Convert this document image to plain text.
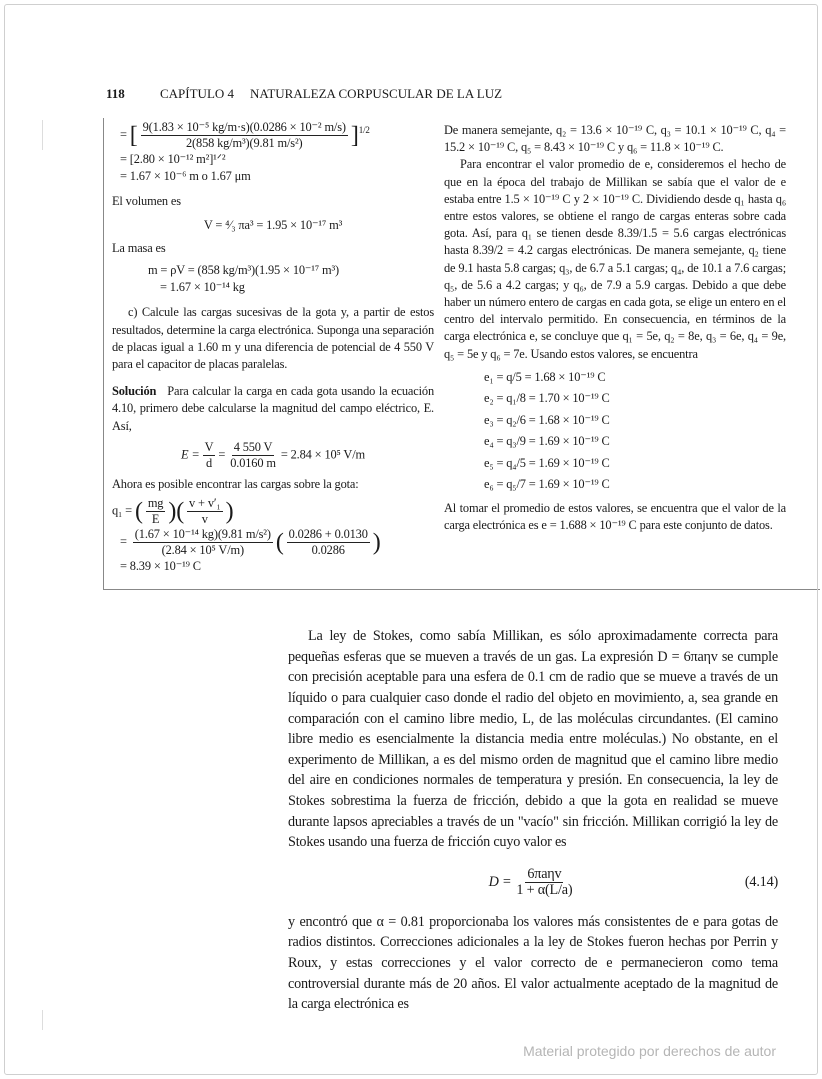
118	CAPÍTULO 4	NATURALEZA CORPUSCULAR DE LA LUZ
= [ $\frac{\text{9(1.83 × 10⁻⁵ kg/m·s)(0.0286 × 10⁻² m/s)}}{\text{2(858 kg/m³)(9.81 m/s²)}} ]^{1/2}$
= [2.80 × 10⁻¹² m²]¹ᐟ²
= 1.67 × 10⁻⁶ m o 1.67 μm

El volumen es

V = ⁴⁄₃ πa³ = 1.95 × 10⁻¹⁷ m³

La masa es

m = ρV = (858 kg/m³)(1.95 × 10⁻¹⁷ m³)
= 1.67 × 10⁻¹⁴ kg

c) Calcule las cargas sucesivas de la gota y, a partir de estos resultados, determine la carga electrónica. Suponga una separación de placas igual a 1.60 m y una diferencia de potencial de 4 550 V para el capacitor de placas paralelas.

Solución Para calcular la carga en cada gota usando la ecuación 4.10, primero debe calcularse la magnitud del campo eléctrico, E. Así,

$E = \frac{V}{d} = \frac{4 550 V}{0.0160 m} = 2.84 \times 10^5$ V/m

Ahora es posible encontrar las cargas sobre la gota:

q₁ = ( $\frac{mg}{E}$ )( $\frac{\text{v + v′₁}}{v}$ )
= $\frac{\text{(1.67 × 10⁻¹⁴ kg)(9.81 m/s²)}}{\text{(2.84 × 10⁵ V/m)}}$ ( $\frac{0.0286 + 0.0130}{0.0286}$ )
= 8.39 × 10⁻¹⁹ C

De manera semejante, q₂ = 13.6 × 10⁻¹⁹ C, q₃ = 10.1 × 10⁻¹⁹ C, q₄ = 15.2 × 10⁻¹⁹ C, q₅ = 8.43 × 10⁻¹⁹ C y q₆ = 11.8 × 10⁻¹⁹ C.

Para encontrar el valor promedio de e, consideremos el hecho de que en la época del trabajo de Millikan se sabía que el valor de e estaba entre 1.5 × 10⁻¹⁹ C y 2 × 10⁻¹⁹ C. Dividiendo desde q₁ hasta q₆ entre estos valores, se obtiene el rango de cargas enteras sobre cada gota. Así, para q₁ se tienen desde 8.39/1.5 = 5.6 cargas electrónicas hasta 8.39/2 = 4.2 cargas electrónicas. De manera semejante, q₂ tiene de 9.1 hasta 5.8 cargas; q₃, de 6.7 a 5.1 cargas; q₄, de 10.1 a 7.6 cargas; q₅, de 5.6 a 4.2 cargas; y q₆, de 7.9 a 5.9 cargas. Debido a que debe haber un número entero de cargas en cada gota, se elige un entero en el centro del intervalo permitido. En consecuencia, en términos de la carga electrónica e, se concluye que q₁ = 5e, q₂ = 8e, q₃ = 6e, q₄ = 9e, q₅ = 5e y q₆ = 7e. Usando estos valores, se encuentra

e₁ = q/5 = 1.68 × 10⁻¹⁹ C
e₂ = q₁/8 = 1.70 × 10⁻¹⁹ C
e₃ = q₂/6 = 1.68 × 10⁻¹⁹ C
e₄ = q₃/9 = 1.69 × 10⁻¹⁹ C
e₅ = q₄/5 = 1.69 × 10⁻¹⁹ C
e₆ = q₅/7 = 1.69 × 10⁻¹⁹ C

Al tomar el promedio de estos valores, se encuentra que el valor de la carga electrónica es e = 1.688 × 10⁻¹⁹ C para este conjunto de datos.

La ley de Stokes, como sabía Millikan, es sólo aproximadamente correcta para pequeñas esferas que se mueven a través de un gas. La expresión D = 6πaηv se cumple con precisión aceptable para una esfera de 0.1 cm de radio que se mueve a través de un líquido o para cualquier caso donde el radio del objeto en movimiento, a, sea grande en comparación con el camino libre medio, L, de las moléculas circundantes. (El camino libre medio es esencialmente la distancia media entre moléculas.) No obstante, en el experimento de Millikan, a es del mismo orden de magnitud que el camino libre medio del aire en condiciones normales de temperatura y presión. En consecuencia, la ley de Stokes sobrestima la fuerza de fricción, debido a que la gota en realidad se mueve durante lapsos apreciables a través de un "vacío" sin fricción. Millikan corrigió la ley de Stokes usando una fuerza de fricción cuyo valor es

D = 6πaηv
1 + α(L/a)	(4.14)

y encontró que α = 0.81 proporcionaba los valores más consistentes de e para gotas de radios distintos. Correcciones adicionales a la ley de Stokes fueron hechas por Perrin y Roux, y estas correcciones y el valor correcto de e permanecieron como tema controversial durante más de 20 años. El valor actualmente aceptado de la magnitud de la carga electrónica es

Material protegido por derechos de autor
